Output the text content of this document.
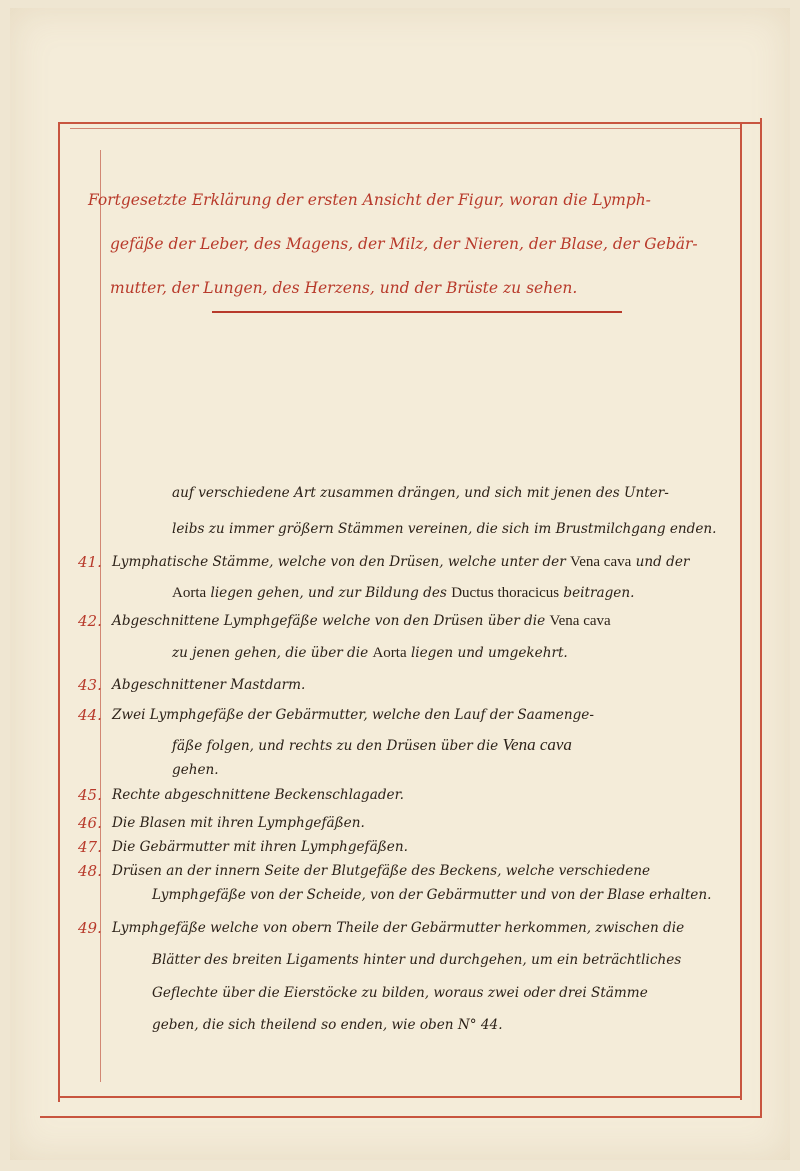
Fortgesetzte Erklärung der ersten Ansicht der Figur, woran die Lymph-
gefäße der Leber, des Magens, der Milz, der Nieren, der Blase, der Gebär-
mutter, der Lungen, des Herzens, und der Brüste zu sehen.
auf verschiedene Art zusammen drängen, und sich mit jenen des Unter-
leibs zu immer größern Stämmen vereinen, die sich im Brustmilchgang enden.
41. Lymphatische Stämme, welche von den Drüsen, welche unter der Vena cava und der
Aorta liegen gehen, und zur Bildung des Ductus thoracicus beitragen.
42. Abgeschnittene Lymphgefäße welche von den Drüsen über die Vena cava
zu jenen gehen, die über die Aorta liegen und umgekehrt.
43. Abgeschnittener Mastdarm.
44. Zwei Lymphgefäße der Gebärmutter, welche den Lauf der Saamenge-
fäße folgen, und rechts zu den Drüsen über die Vena cava
gehen.
45. Rechte abgeschnittene Beckenschlagader.
46. Die Blasen mit ihren Lymphgefäßen.
47. Die Gebärmutter mit ihren Lymphgefäßen.
48. Drüsen an der innern Seite der Blutgefäße des Beckens, welche verschiedene
Lymphgefäße von der Scheide, von der Gebärmutter und von der Blase erhalten.
49. Lymphgefäße welche von obern Theile der Gebärmutter herkommen, zwischen die
Blätter des breiten Ligaments hinter und durchgehen, um ein beträchtliches
Geflechte über die Eierstöcke zu bilden, woraus zwei oder drei Stämme
geben, die sich theilend so enden, wie oben N° 44.
